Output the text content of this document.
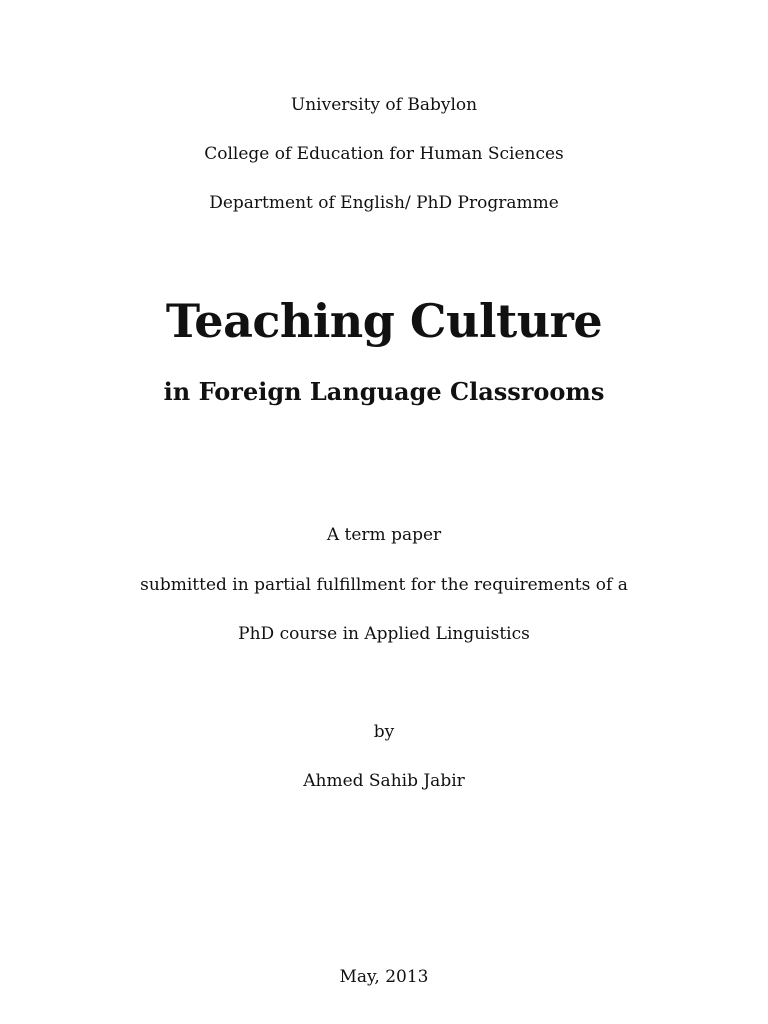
University of Babylon
College of Education for Human Sciences
Department of English/ PhD Programme
Teaching Culture
in Foreign Language Classrooms
A term paper
submitted in partial fulfillment for the requirements of a
PhD course in Applied Linguistics
by
Ahmed Sahib Jabir
May, 2013
